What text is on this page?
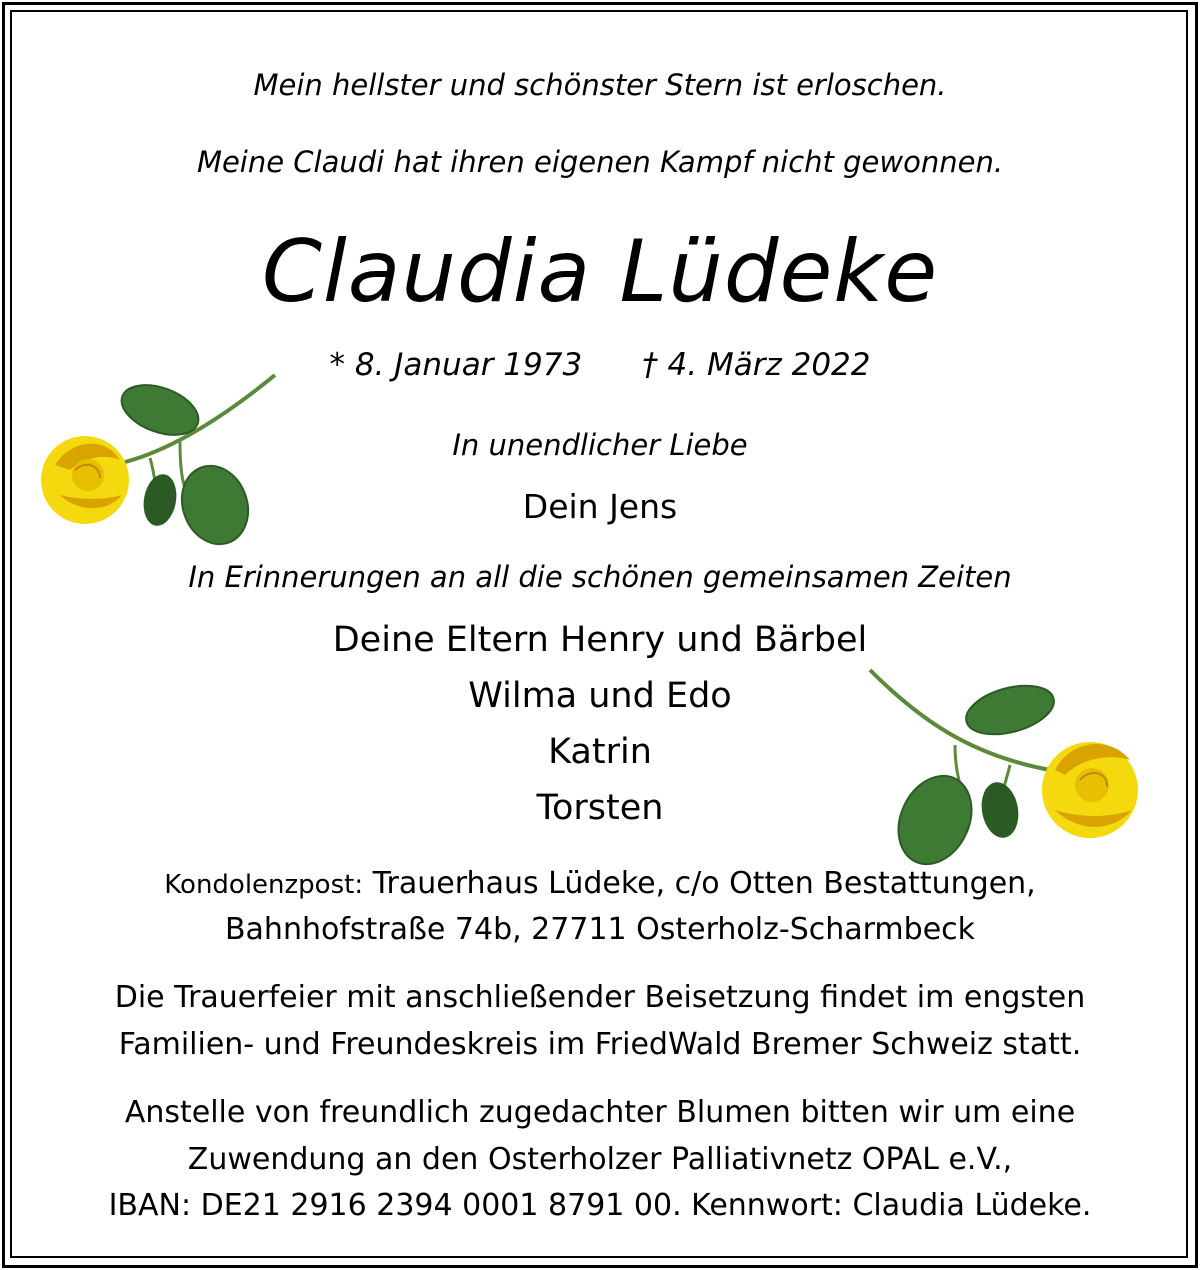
Mein hellster und schönster Stern ist erloschen.
Meine Claudi hat ihren eigenen Kampf nicht gewonnen.
Claudia Lüdeke
* 8. Januar 1973 † 4. März 2022
In unendlicher Liebe
Dein Jens
In Erinnerungen an all die schönen gemeinsamen Zeiten
Deine Eltern Henry und Bärbel
Wilma und Edo
Katrin
Torsten
Kondolenzpost: Trauerhaus Lüdeke, c/o Otten Bestattungen,
Bahnhofstraße 74b, 27711 Osterholz-Scharmbeck
Die Trauerfeier mit anschließender Beisetzung findet im engsten
Familien- und Freundeskreis im FriedWald Bremer Schweiz statt.
Anstelle von freundlich zugedachter Blumen bitten wir um eine
Zuwendung an den Osterholzer Palliativnetz OPAL e.V.,
IBAN: DE21 2916 2394 0001 8791 00. Kennwort: Claudia Lüdeke.
